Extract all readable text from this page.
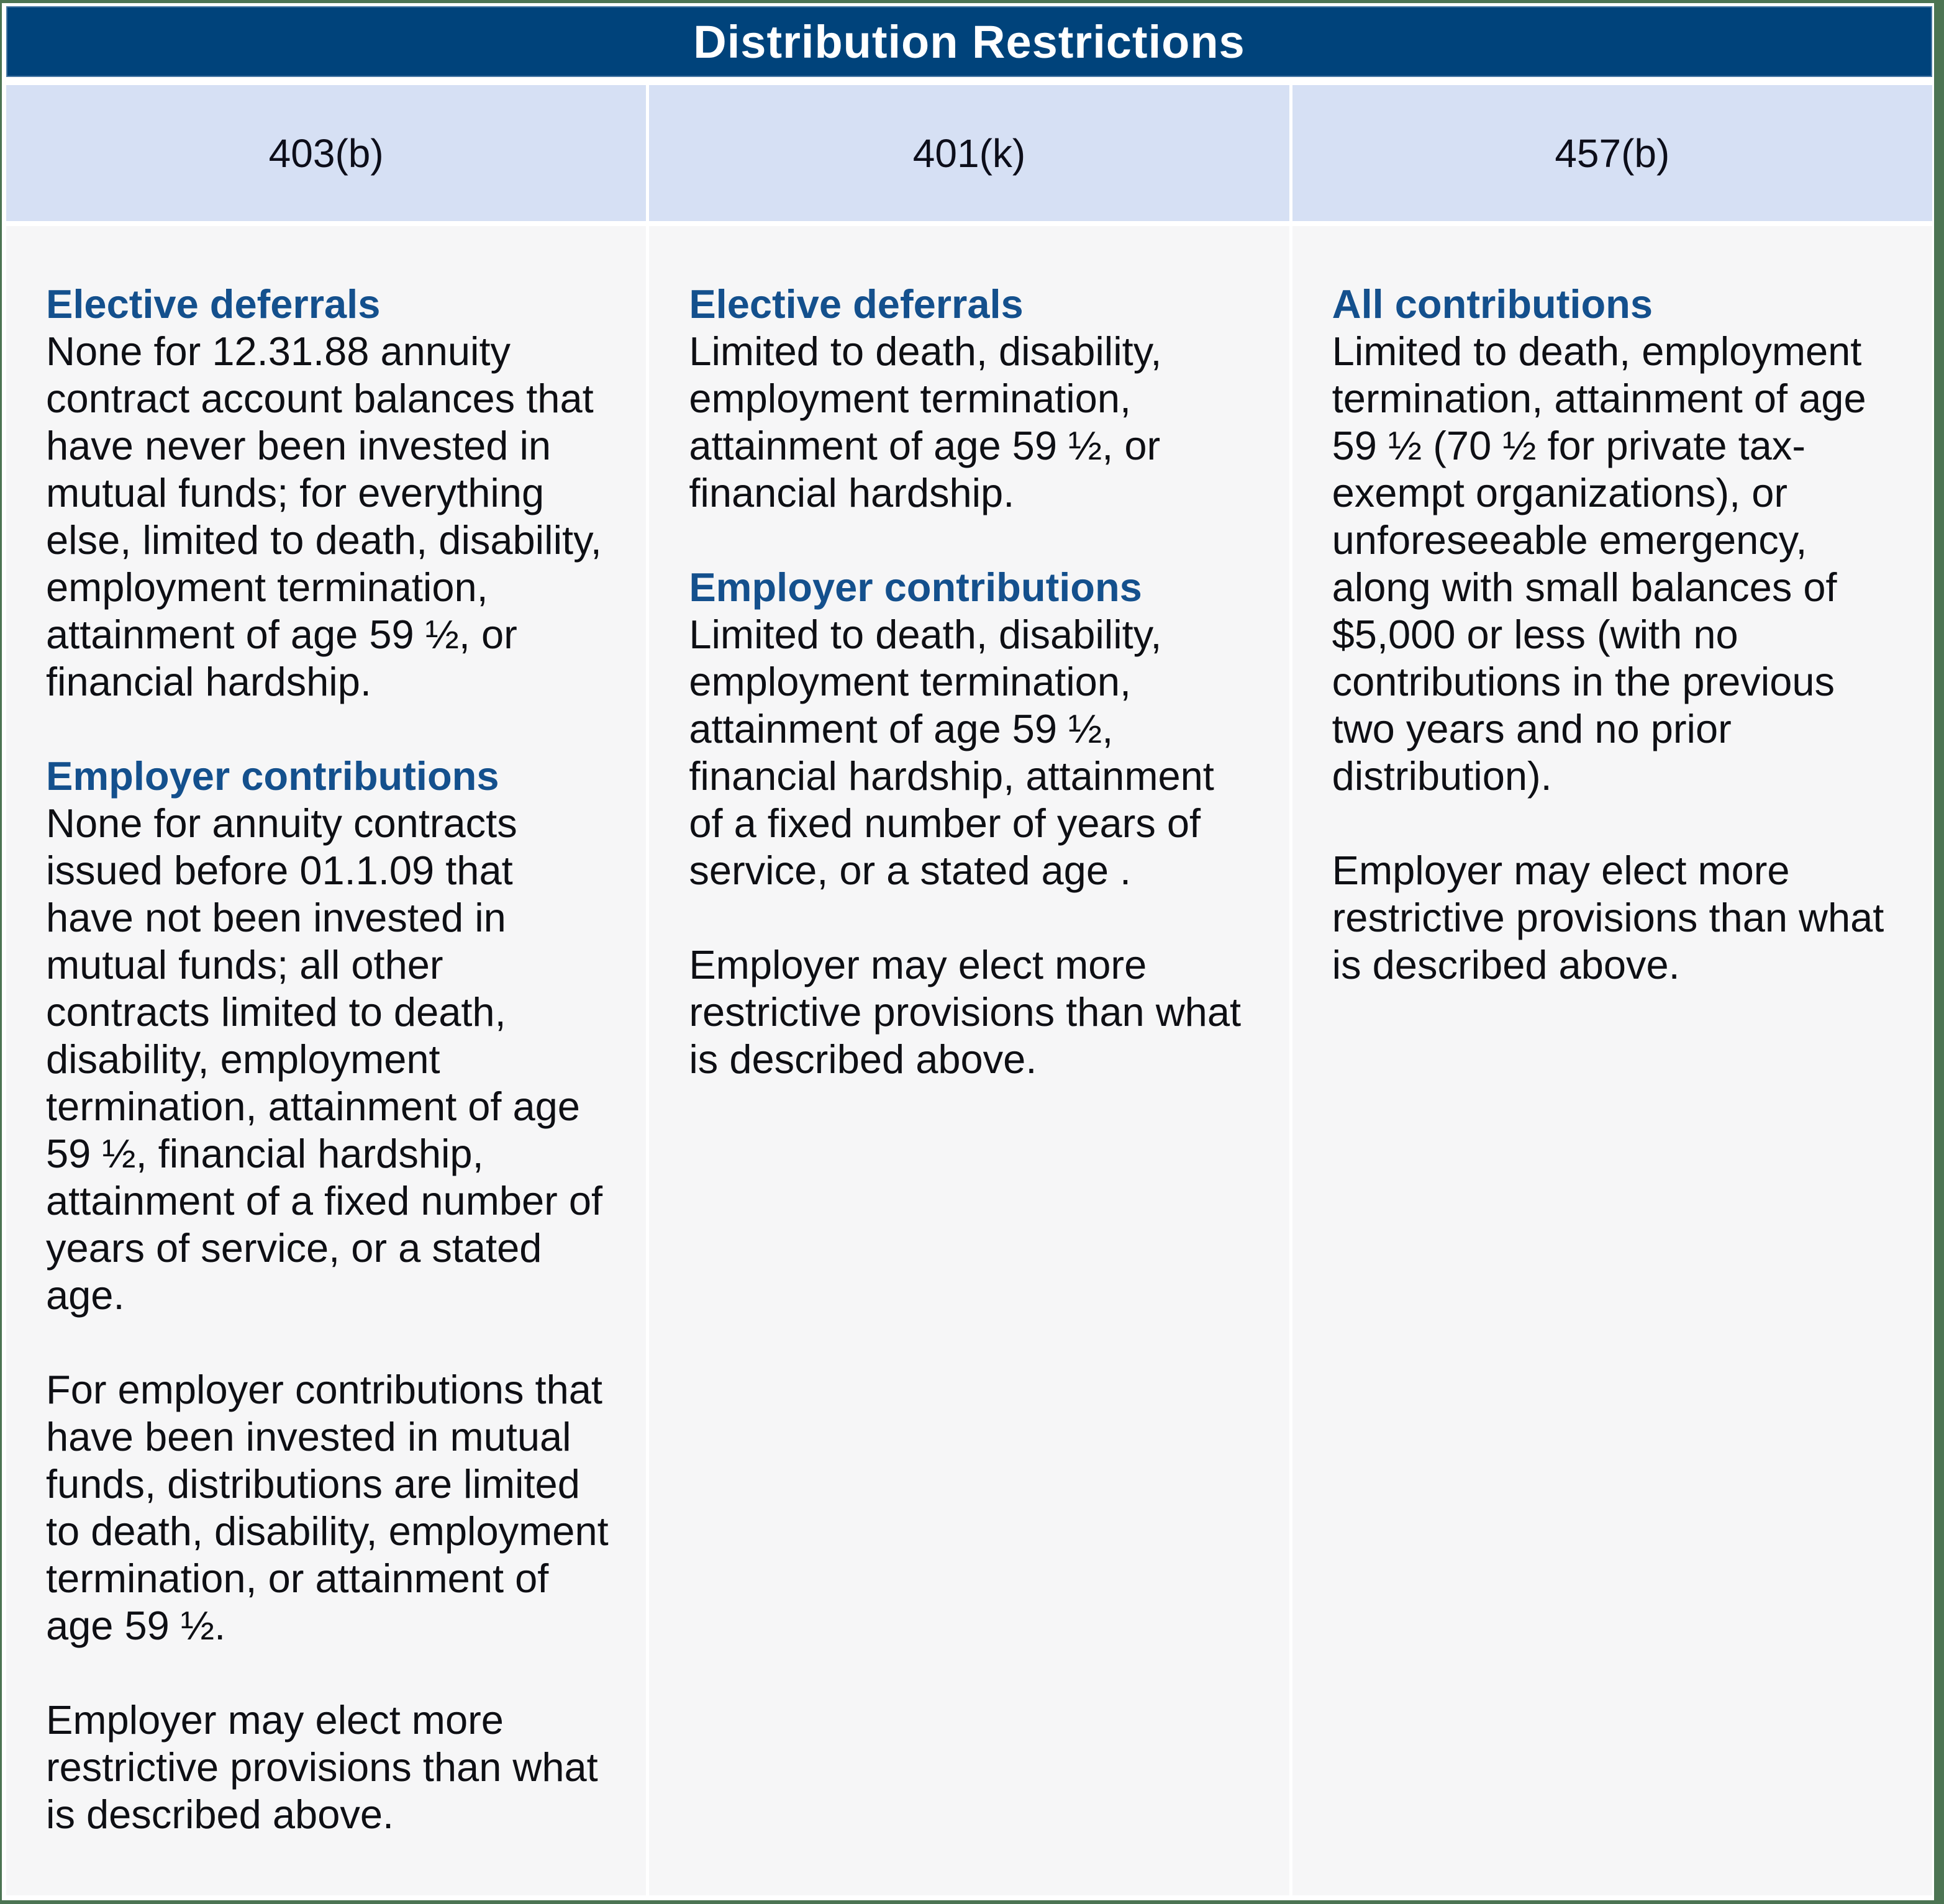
Distribution Restrictions
403(b)	401(k)	457(b)
Elective deferrals

None for 12.31.88 annuity contract account balances that have never been invested in mutual funds; for everything else, limited to death, disability, employment termination, attainment of age 59 ½, or financial hardship.

Employer contributions

None for annuity contracts issued before 01.1.09 that have not been invested in mutual funds; all other contracts limited to death, disability, employment termination, attainment of age 59 ½, financial hardship, attainment of a fixed number of years of service, or a stated age.

For employer contributions that have been invested in mutual funds, distributions are limited to death, disability, employment termination, or attainment of age 59 ½.

Employer may elect more restrictive provisions than what is described above.

Elective deferrals

Limited to death, disability, employment termination, attainment of age 59 ½, or financial hardship.

Employer contributions

Limited to death, disability, employment termination, attainment of age 59 ½, financial hardship, attainment of a fixed number of years of service, or a stated age .

Employer may elect more restrictive provisions than what is described above.

All contributions

Limited to death, employment termination, attainment of age 59 ½ (70 ½ for private tax-exempt organizations), or unforeseeable emergency, along with small balances of $5,000 or less (with no contributions in the previous two years and no prior distribution).

Employer may elect more restrictive provisions than what is described above.
